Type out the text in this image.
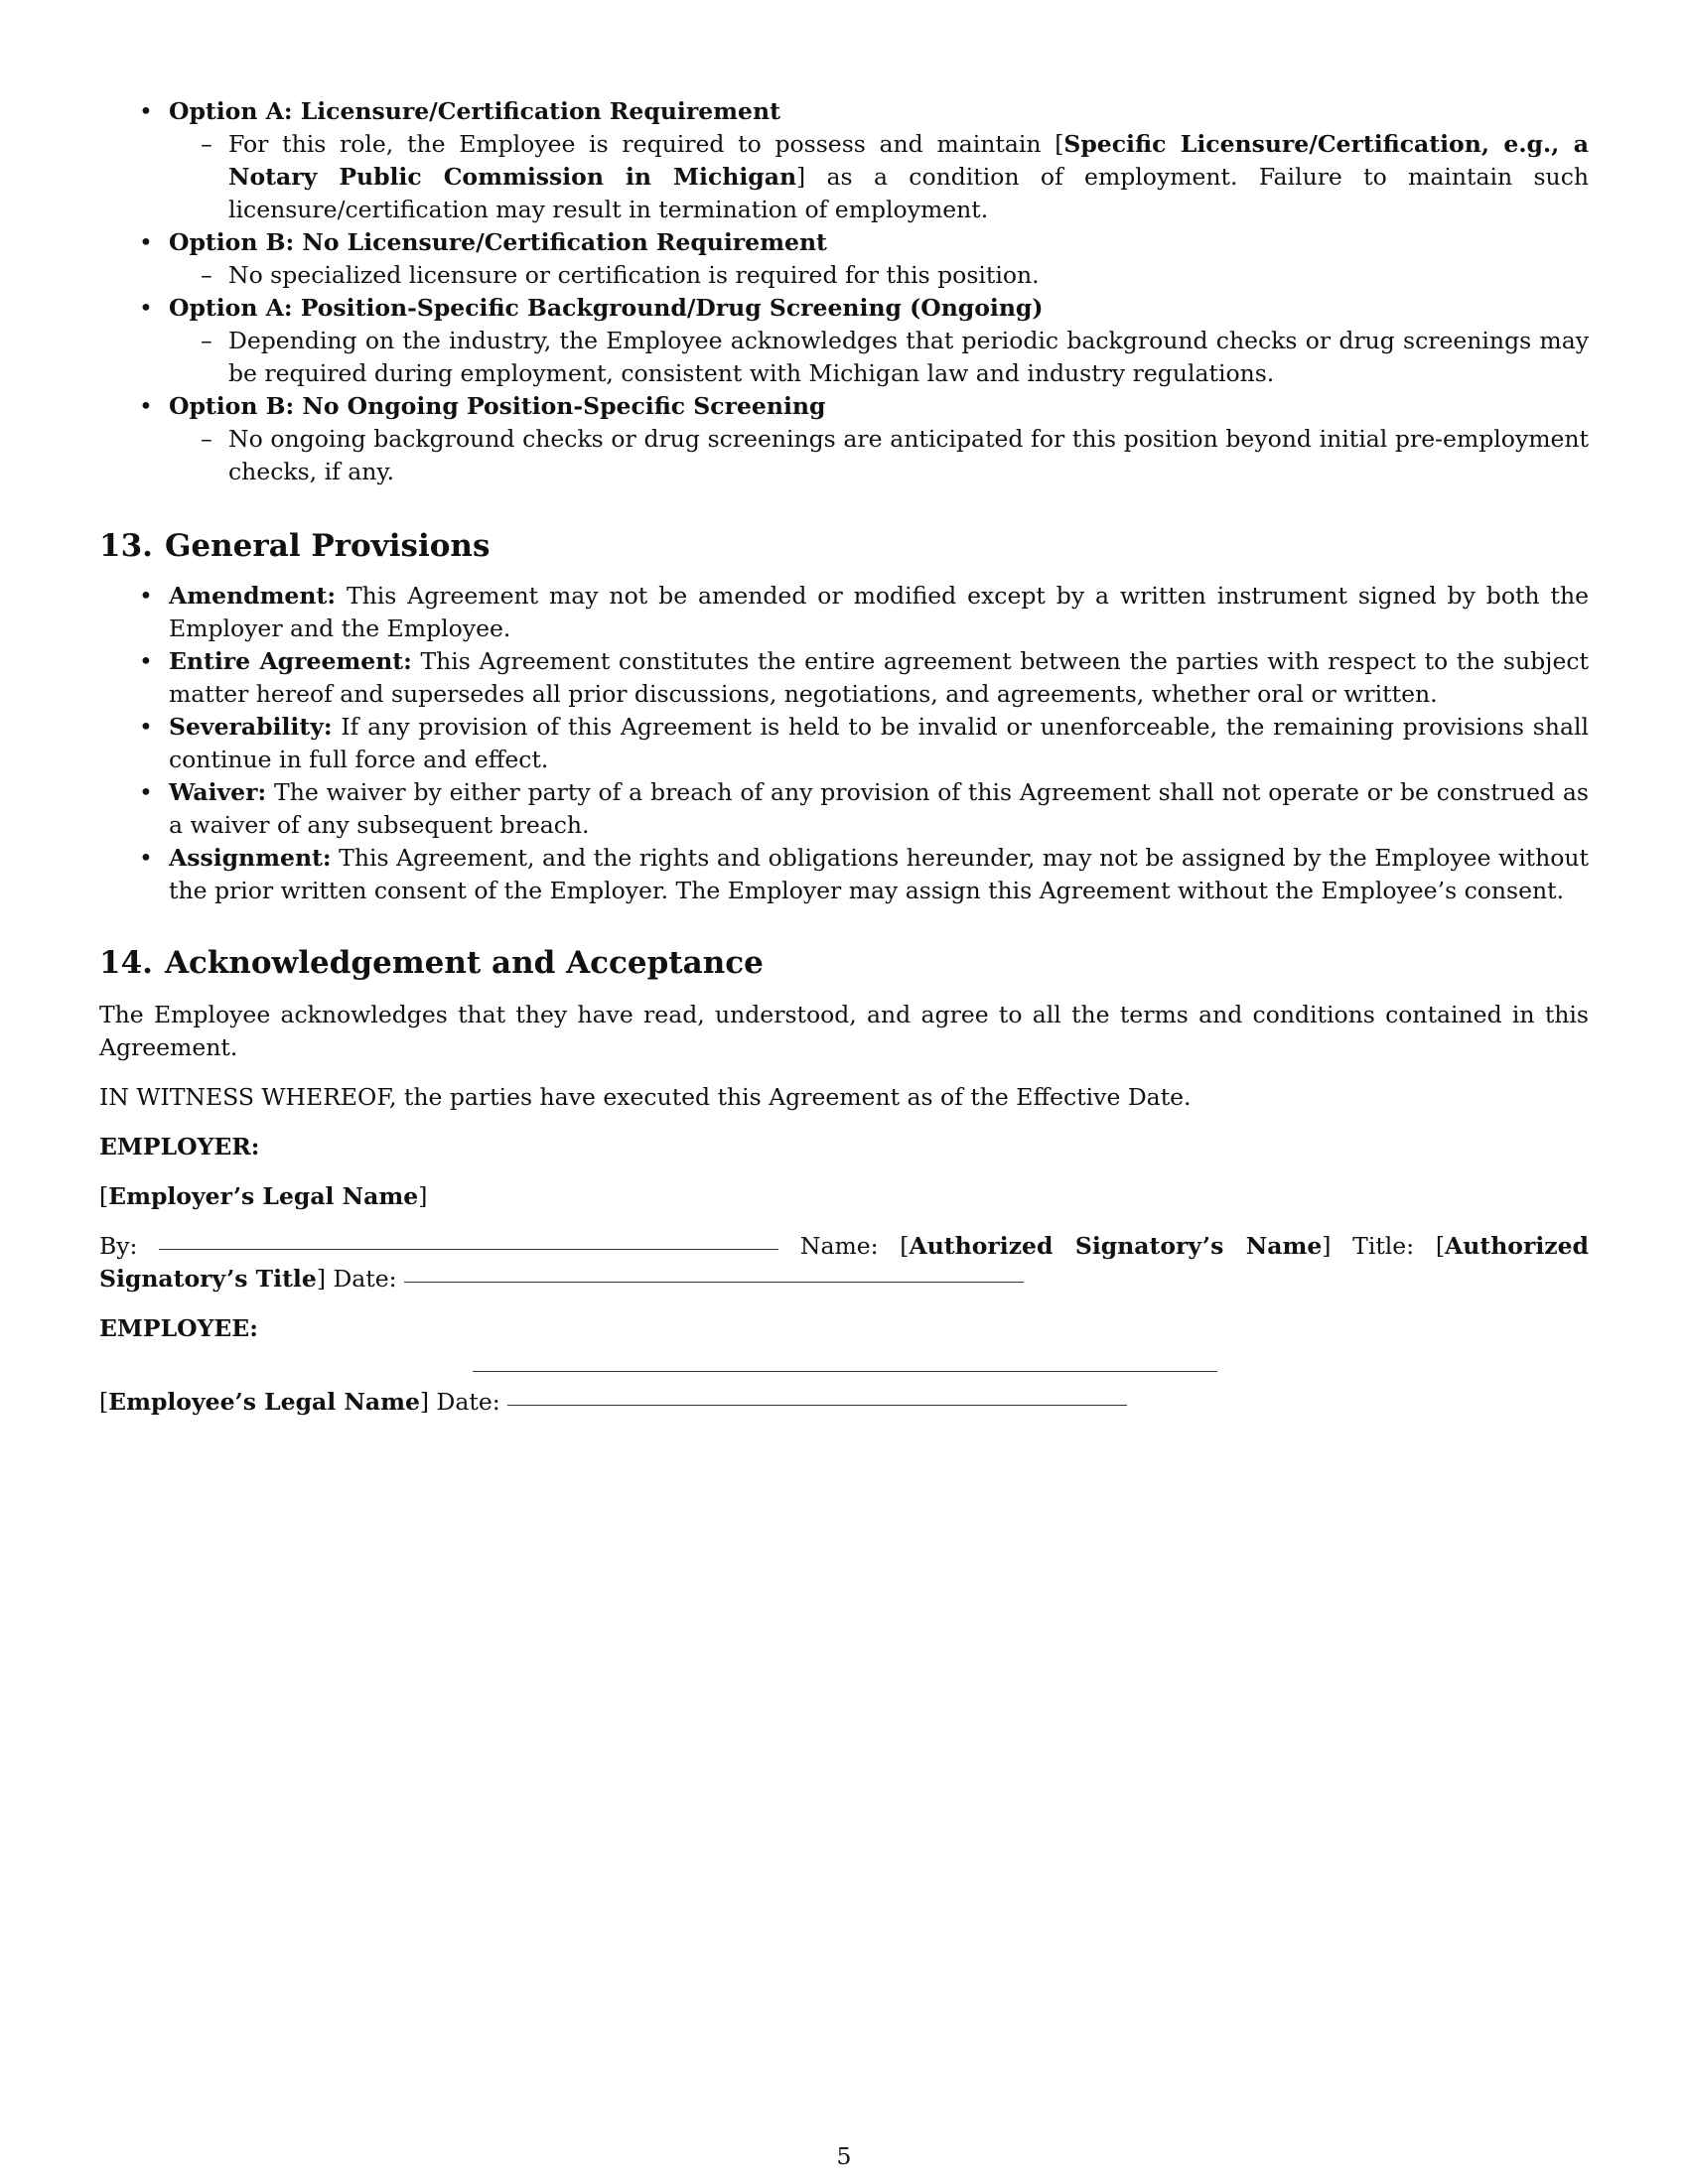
• Option A: Licensure/Certification Requirement
– For this role, the Employee is required to possess and maintain [Specific Licensure/Certification, e.g., a Notary Public Commission in Michigan] as a condition of employment. Failure to maintain such licensure/certification may result in termination of employment.
• Option B: No Licensure/Certification Requirement
– No specialized licensure or certification is required for this position.
• Option A: Position-Specific Background/Drug Screening (Ongoing)
– Depending on the industry, the Employee acknowledges that periodic background checks or drug screenings may be required during employment, consistent with Michigan law and industry regulations.
• Option B: No Ongoing Position-Specific Screening
– No ongoing background checks or drug screenings are anticipated for this position beyond initial pre-employment checks, if any.
13. General Provisions
• Amendment: This Agreement may not be amended or modified except by a written instrument signed by both the Employer and the Employee.
• Entire Agreement: This Agreement constitutes the entire agreement between the parties with respect to the subject matter hereof and supersedes all prior discussions, negotiations, and agreements, whether oral or written.
• Severability: If any provision of this Agreement is held to be invalid or unenforceable, the remaining provisions shall continue in full force and effect.
• Waiver: The waiver by either party of a breach of any provision of this Agreement shall not operate or be construed as a waiver of any subsequent breach.
• Assignment: This Agreement, and the rights and obligations hereunder, may not be assigned by the Employee without the prior written consent of the Employer. The Employer may assign this Agreement without the Employee’s consent.
14. Acknowledgement and Acceptance

The Employee acknowledges that they have read, understood, and agree to all the terms and conditions contained in this Agreement.

IN WITNESS WHEREOF, the parties have executed this Agreement as of the Effective Date.

EMPLOYER:

[Employer’s Legal Name]

By:	Name: [Authorized Signatory’s Name] Title: [Authorized Signatory’s Title] Date:

EMPLOYEE:

[Employee’s Legal Name] Date:

5
